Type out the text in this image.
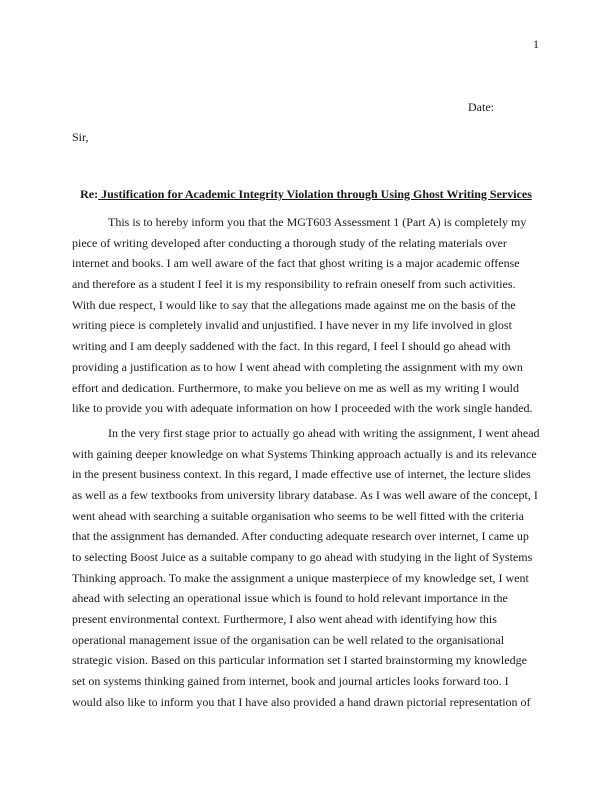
1
Date:
Sir,
Re: Justification for Academic Integrity Violation through Using Ghost Writing Services
This is to hereby inform you that the MGT603 Assessment 1 (Part A) is completely my
piece of writing developed after conducting a thorough study of the relating materials over
internet and books. I am well aware of the fact that ghost writing is a major academic offense
and therefore as a student I feel it is my responsibility to refrain oneself from such activities.
With due respect, I would like to say that the allegations made against me on the basis of the
writing piece is completely invalid and unjustified. I have never in my life involved in glost
writing and I am deeply saddened with the fact. In this regard, I feel I should go ahead with
providing a justification as to how I went ahead with completing the assignment with my own
effort and dedication. Furthermore, to make you believe on me as well as my writing I would
like to provide you with adequate information on how I proceeded with the work single handed.
In the very first stage prior to actually go ahead with writing the assignment, I went ahead
with gaining deeper knowledge on what Systems Thinking approach actually is and its relevance
in the present business context. In this regard, I made effective use of internet, the lecture slides
as well as a few textbooks from university library database. As I was well aware of the concept, I
went ahead with searching a suitable organisation who seems to be well fitted with the criteria
that the assignment has demanded. After conducting adequate research over internet, I came up
to selecting Boost Juice as a suitable company to go ahead with studying in the light of Systems
Thinking approach. To make the assignment a unique masterpiece of my knowledge set, I went
ahead with selecting an operational issue which is found to hold relevant importance in the
present environmental context. Furthermore, I also went ahead with identifying how this
operational management issue of the organisation can be well related to the organisational
strategic vision. Based on this particular information set I started brainstorming my knowledge
set on systems thinking gained from internet, book and journal articles looks forward too. I
would also like to inform you that I have also provided a hand drawn pictorial representation of
